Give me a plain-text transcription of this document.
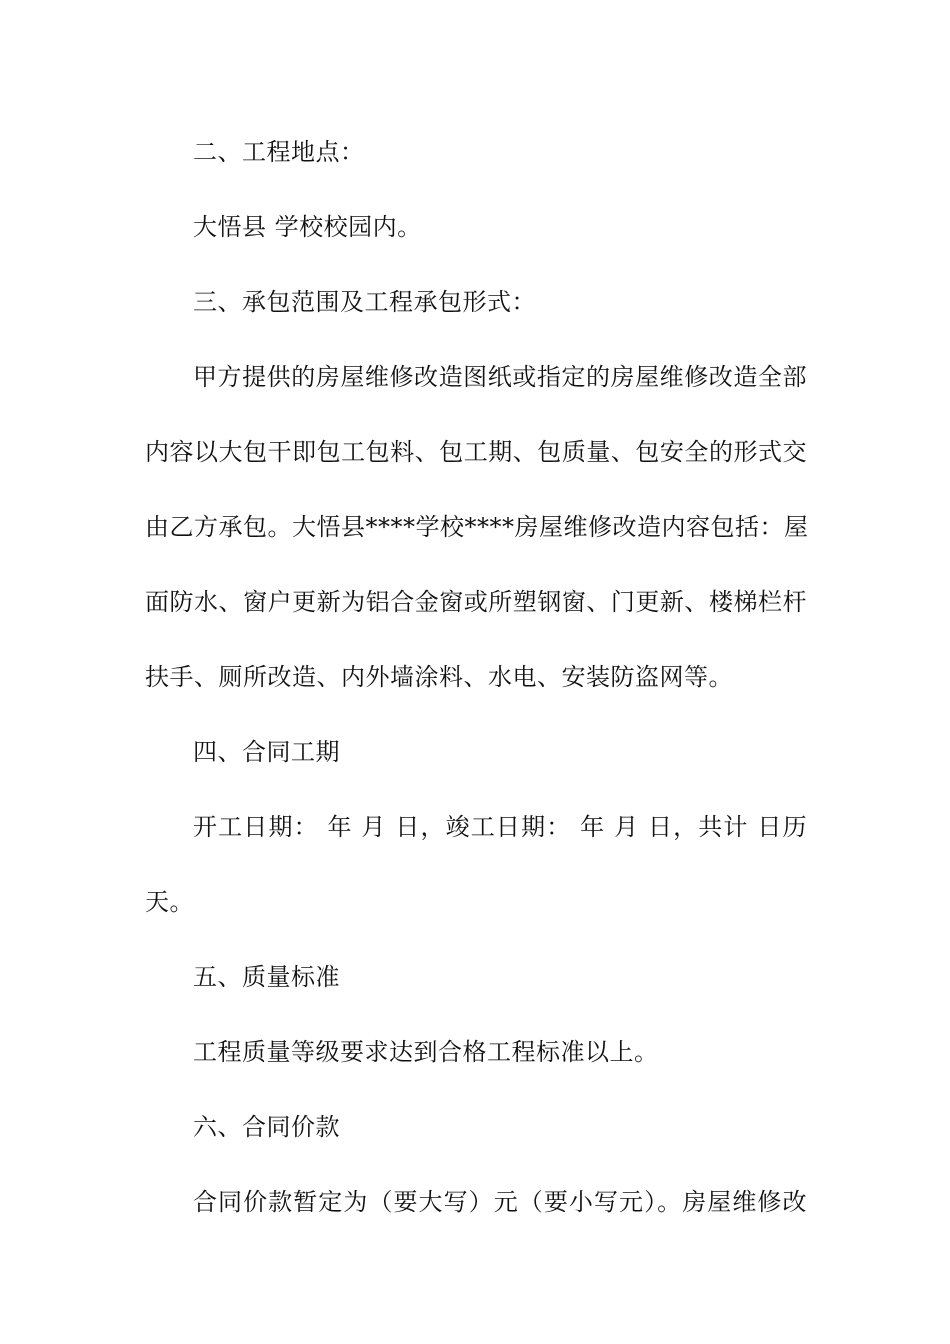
二、工程地点：
大悟县 学校校园内。
三、承包范围及工程承包形式：
甲方提供的房屋维修改造图纸或指定的房屋维修改造全部
内容以大包干即包工包料、包工期、包质量、包安全的形式交
由乙方承包。大悟县****学校****房屋维修改造内容包括：屋
面防水、窗户更新为铝合金窗或所塑钢窗、门更新、楼梯栏杆
扶手、厕所改造、内外墙涂料、水电、安装防盗网等。
四、合同工期
开工日期： 年 月 日，竣工日期： 年 月 日，共计 日历
天。
五、质量标准
工程质量等级要求达到合格工程标准以上。
六、合同价款
合同价款暂定为（要大写）元（要小写元）。房屋维修改
